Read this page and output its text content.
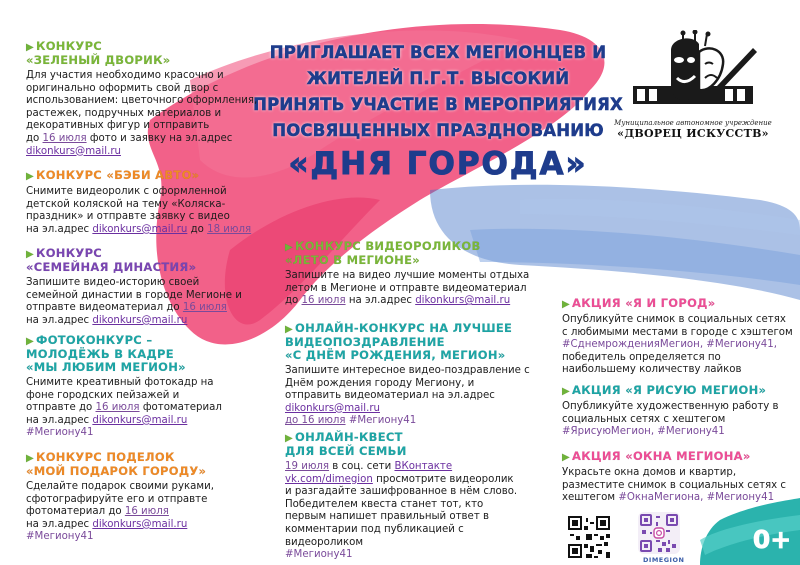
ПРИГЛАШАЕТ ВСЕХ МЕГИОНЦЕВ И
ЖИТЕЛЕЙ П.Г.Т. ВЫСОКИЙ
ПРИНЯТЬ УЧАСТИЕ В МЕРОПРИЯТИЯХ
ПОСВЯЩЕННЫХ ПРАЗДНОВАНИЮ
«ДНЯ ГОРОДА»
Муниципальное автономное учреждение
«ДВОРЕЦ ИСКУССТВ»
▶ КОНКУРС
«ЗЕЛЕНЫЙ ДВОРИК»
Для участия необходимо красочно и оригинально оформить свой двор с использованием: цветочного оформления, растежек, подручных материалов и декоративных фигур и отправить
до 16 июля фото и заявку на эл.адрес dikonkurs@mail.ru
▶ КОНКУРС «БЭБИ АВТО»
Снимите видеоролик с оформленной детской коляской на тему «Коляска-праздник» и отправте заявку с видео
на эл.адрес dikonkurs@mail.ru до 18 июля
▶ КОНКУРС
«СЕМЕЙНАЯ ДИНАСТИЯ»
Запишите видео-историю своей семейной династии в городе Мегионе и отправте видеоматериал до 16 июля
на эл.адрес dikonkurs@mail.ru
▶ ФОТОКОНКУРС –
МОЛОДЁЖЬ В КАДРЕ
«МЫ ЛЮБИМ МЕГИОН»
Снимите креативный фотокадр на фоне городских пейзажей и отправте до 16 июля фотоматериал на эл.адрес dikonkurs@mail.ru
#Мегиону41
▶ КОНКУРС ПОДЕЛОК
«МОЙ ПОДАРОК ГОРОДУ»
Сделайте подарок своими руками, сфотографируйте его и отправте фотоматериал до 16 июля
на эл.адрес dikonkurs@mail.ru
#Мегиону41
▶ КОНКУРС ВИДЕОРОЛИКОВ
«ЛЕТО В МЕГИОНЕ»
Запишите на видео лучшие моменты отдыха летом в Мегионе и отправте видеоматериал до 16 июля на эл.адрес dikonkurs@mail.ru
▶ ОНЛАЙН-КОНКУРС НА ЛУЧШЕЕ
ВИДЕОПОЗДРАВЛЕНИЕ
«С ДНЁМ РОЖДЕНИЯ, МЕГИОН»
Запишите интересное видео-поздравление с Днём рождения городу Мегиону, и отправить видеоматериал на эл.адрес dikonkurs@mail.ru
до 16 июля #Мегиону41
▶ ОНЛАЙН-КВЕСТ
ДЛЯ ВСЕЙ СЕМЬИ
19 июля в соц. сети ВКонтакте vk.com/dimegion просмотрите видеоролик и разгадайте зашифрованное в нём слово. Победителем квеста станет тот, кто первым напишет правильный ответ в комментарии под публикацией с видеороликом
#Мегиону41
▶ АКЦИЯ «Я И ГОРОД»
Опубликуйте снимок в социальных сетях с любимыми местами в городе с хэштегом #СднемрожденияМегион, #Мегиону41, победитель определяется по наибольшему количеству лайков
▶ АКЦИЯ «Я РИСУЮ МЕГИОН»
Опубликуйте художественную работу в социальных сетях с хештегом
#ЯрисуюМегион, #Мегиону41
▶ АКЦИЯ «ОКНА МЕГИОНА»
Украсьте окна домов и квартир, разместите снимок в социальных сетях с хештегом #ОкнаМегиона, #Мегиону41
DIMEGION
0+
